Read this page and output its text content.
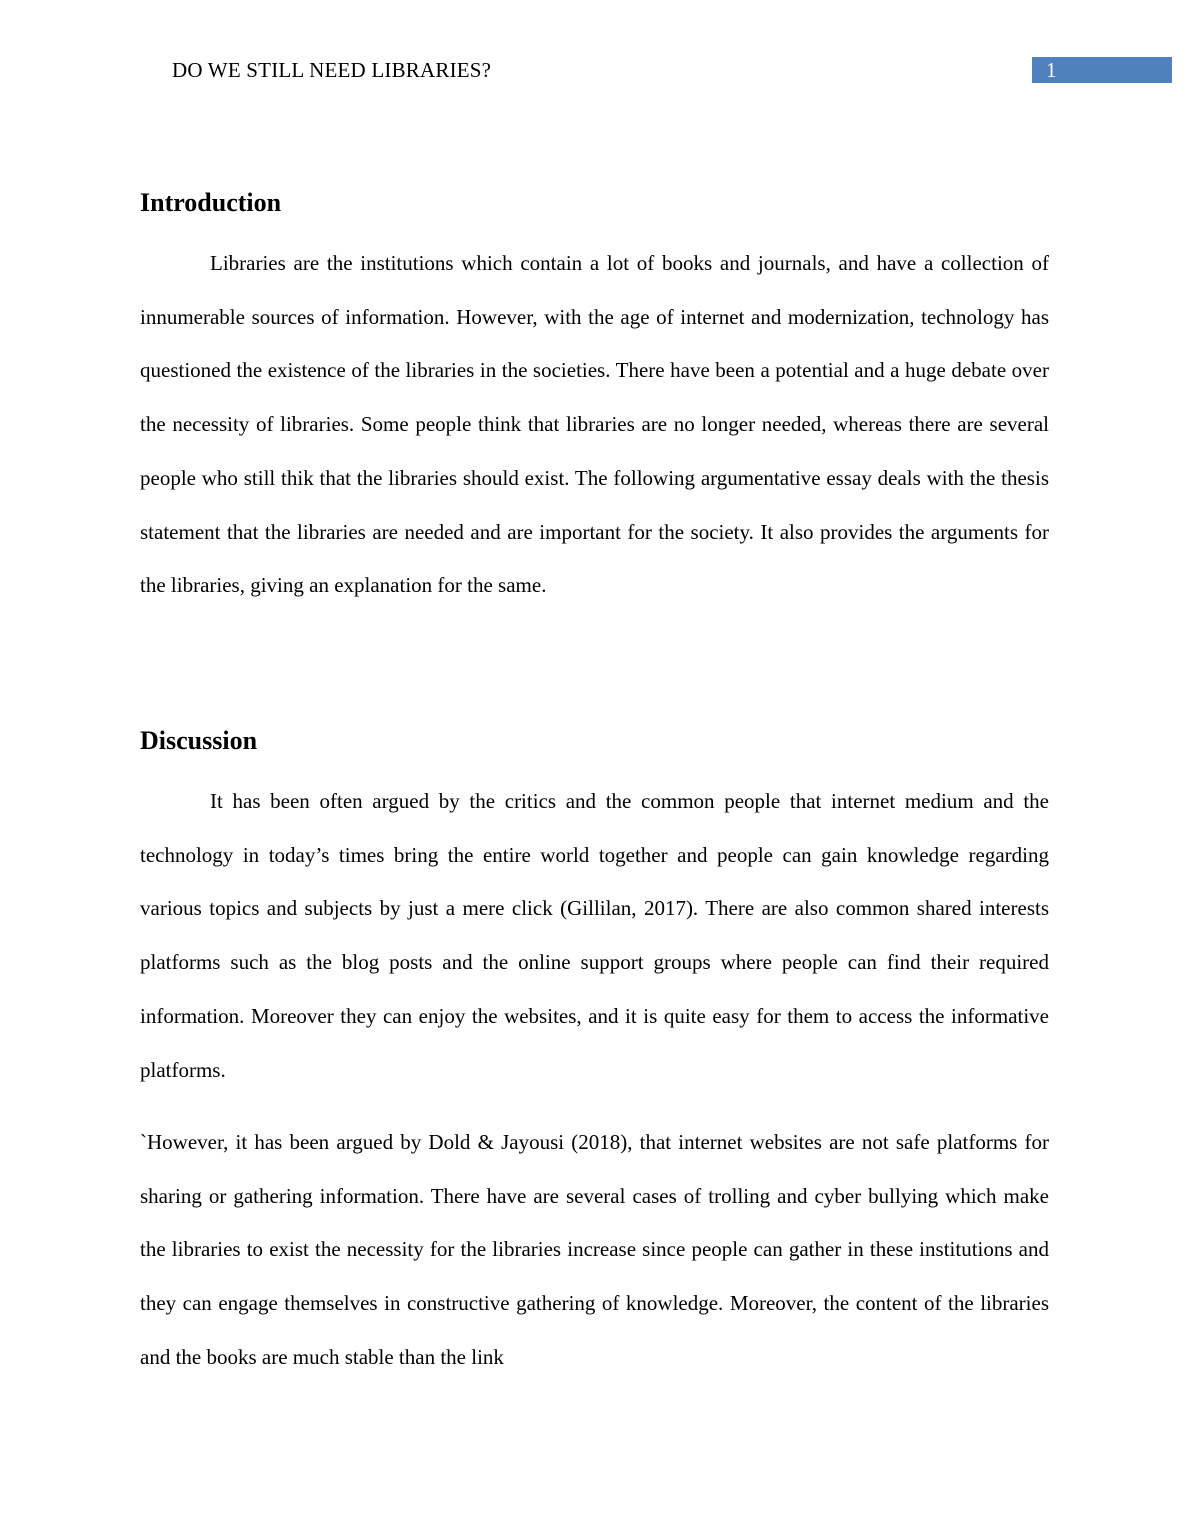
DO WE STILL NEED LIBRARIES?	1
Introduction

Libraries are the institutions which contain a lot of books and journals, and have a collection of innumerable sources of information. However, with the age of internet and modernization, technology has questioned the existence of the libraries in the societies. There have been a potential and a huge debate over the necessity of libraries. Some people think that libraries are no longer needed, whereas there are several people who still thik that the libraries should exist. The following argumentative essay deals with the thesis statement that the libraries are needed and are important for the society. It also provides the arguments for the libraries, giving an explanation for the same.

Discussion

It has been often argued by the critics and the common people that internet medium and the technology in today’s times bring the entire world together and people can gain knowledge regarding various topics and subjects by just a mere click (Gillilan, 2017). There are also common shared interests platforms such as the blog posts and the online support groups where people can find their required information. Moreover they can enjoy the websites, and it is quite easy for them to access the informative platforms.

`However, it has been argued by Dold & Jayousi (2018), that internet websites are not safe platforms for sharing or gathering information. There have are several cases of trolling and cyber bullying which make the libraries to exist the necessity for the libraries increase since people can gather in these institutions and they can engage themselves in constructive gathering of knowledge. Moreover, the content of the libraries and the books are much stable than the link
